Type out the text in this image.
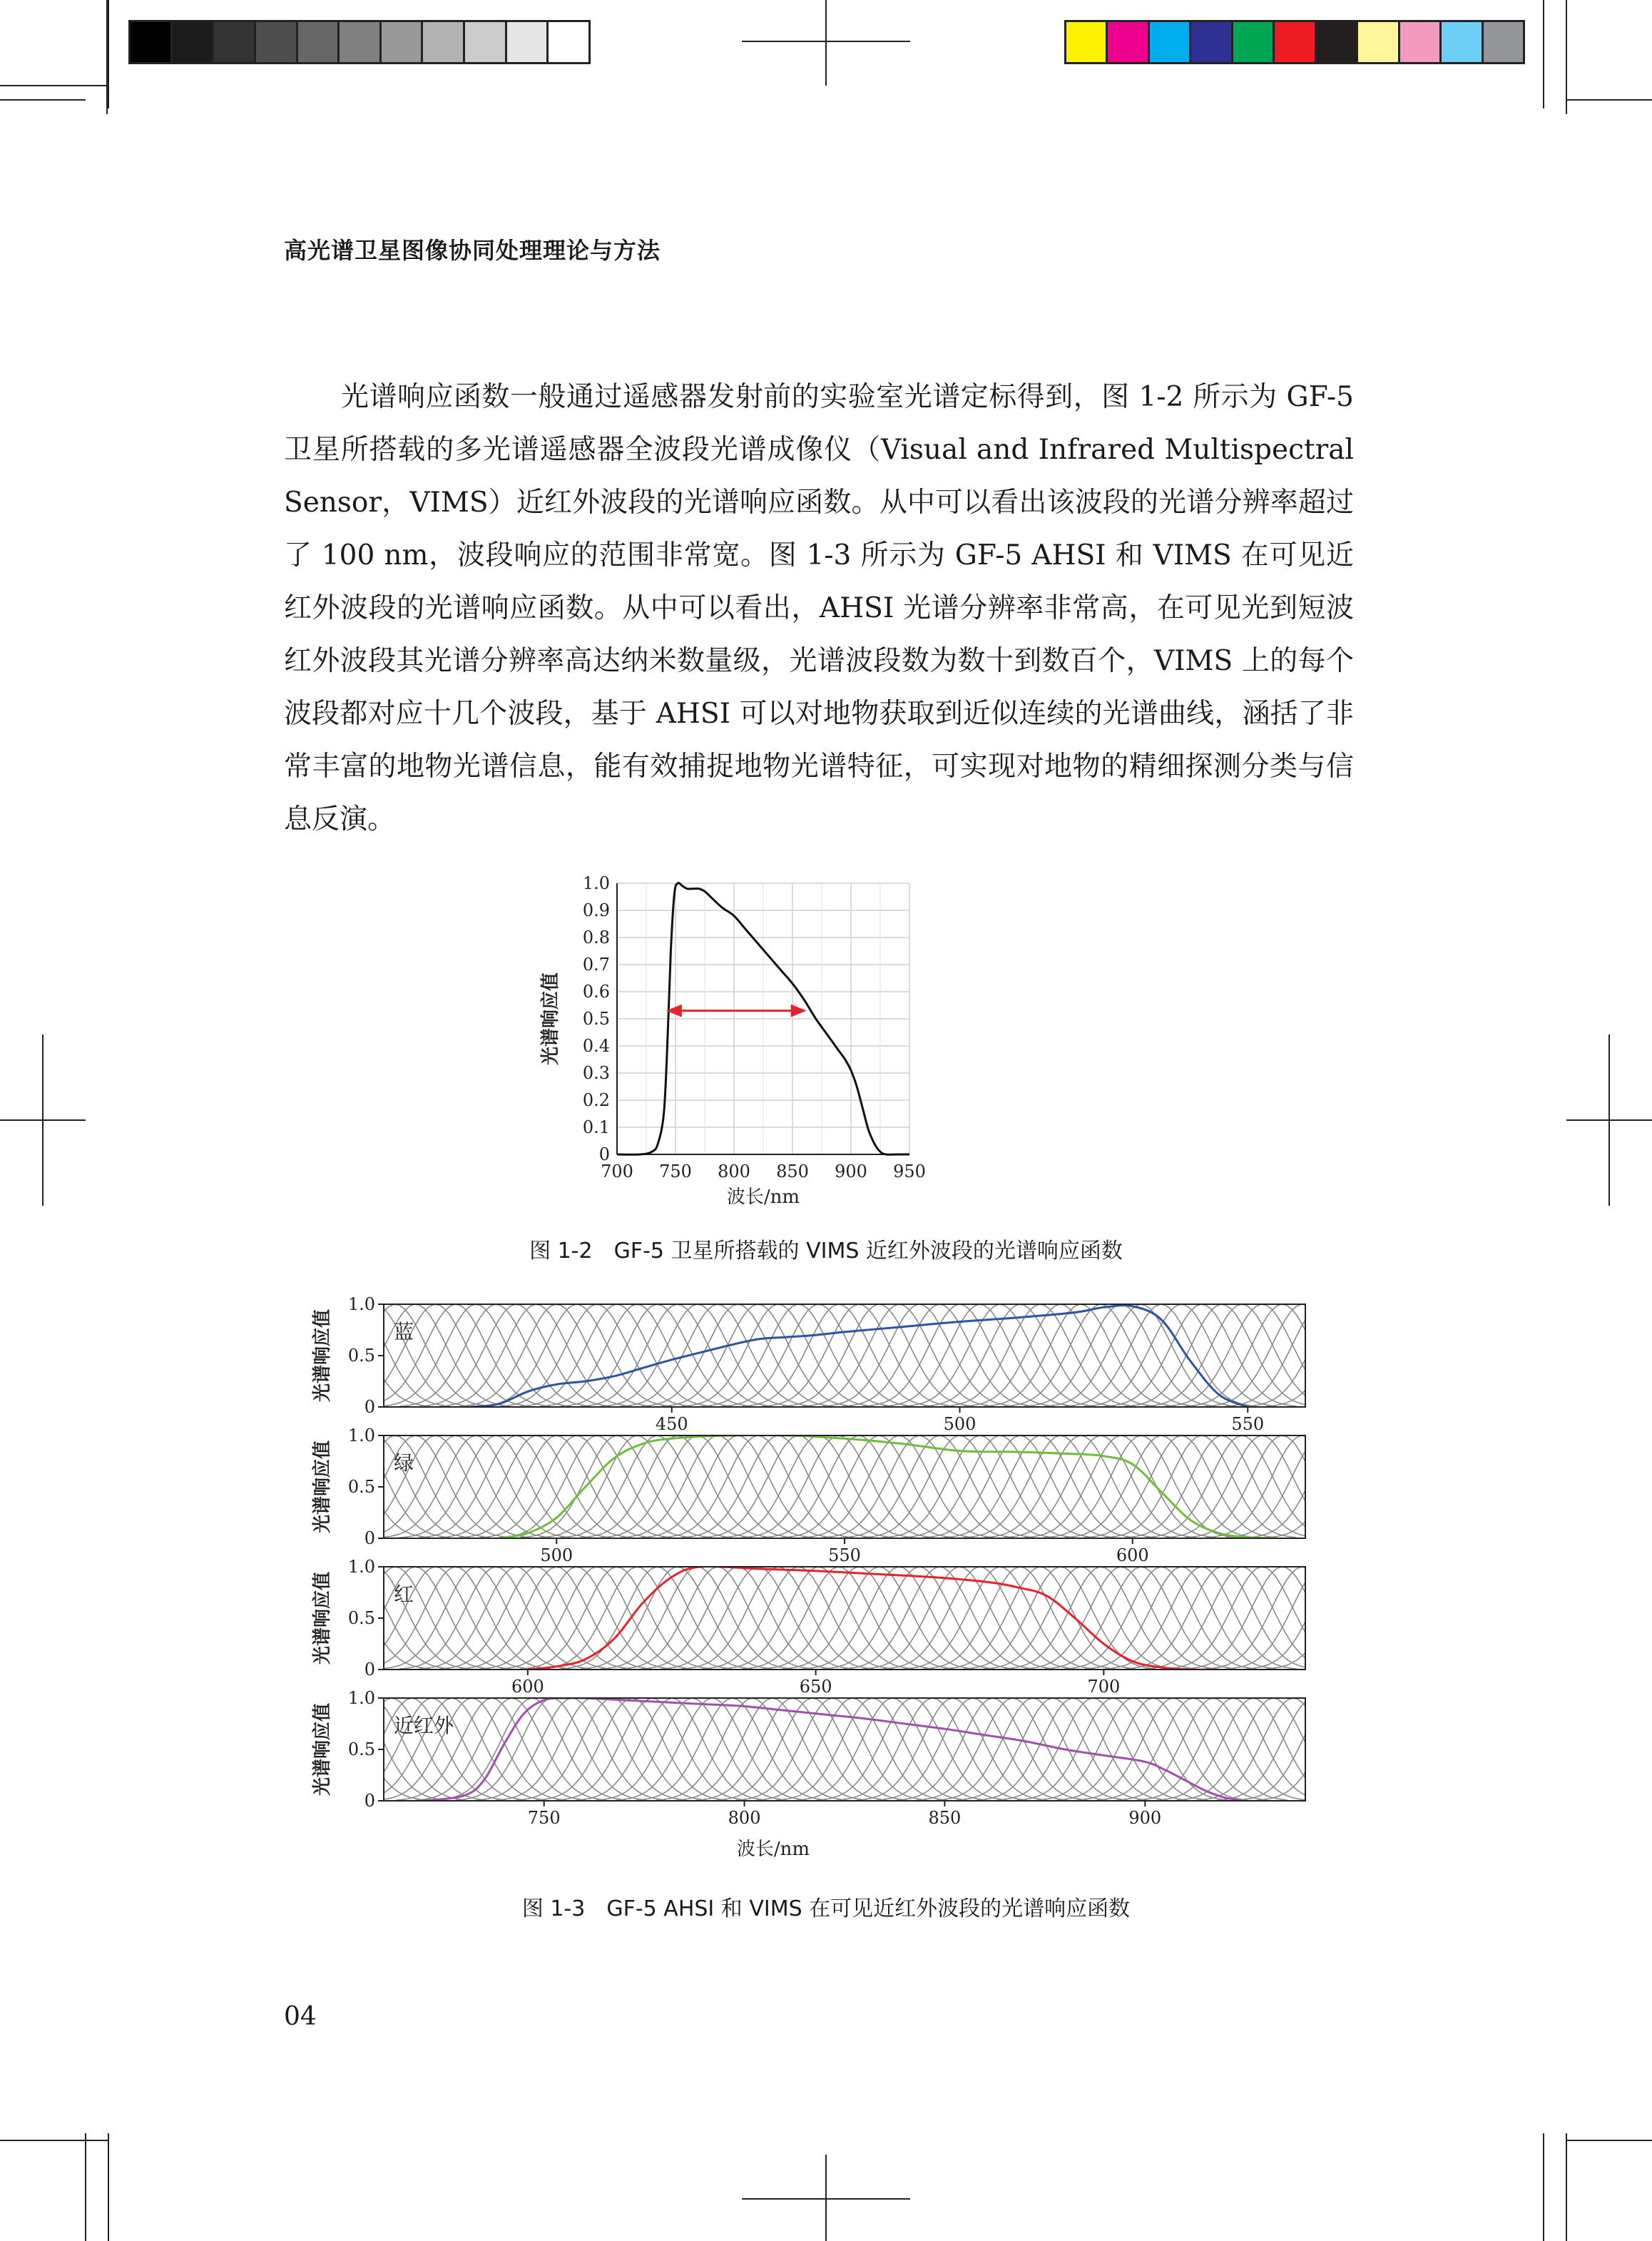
高光谱卫星图像协同处理理论与方法

光谱响应函数一般通过遥感器发射前的实验室光谱定标得到，图 1-2 所示为 GF-5 卫星所搭载的多光谱遥感器全波段光谱成像仪（Visual and Infrared Multispectral Sensor，VIMS）近红外波段的光谱响应函数。从中可以看出该波段的光谱分辨率超过了 100 nm，波段响应的范围非常宽。图 1-3 所示为 GF-5 AHSI 和 VIMS 在可见近红外波段的光谱响应函数。从中可以看出，AHSI 光谱分辨率非常高，在可见光到短波红外波段其光谱分辨率高达纳米数量级，光谱波段数为数十到数百个，VIMS 上的每个波段都对应十几个波段，基于 AHSI 可以对地物获取到近似连续的光谱曲线，涵括了非常丰富的地物光谱信息，能有效捕捉地物光谱特征，可实现对地物的精细探测分类与信息反演。

0
0.1
0.2
0.3
0.4
0.5
0.6
0.7
0.8
0.9
1.0
700 750 800 850 900 950
波长/nm
光谱响应值
图 1-2　GF-5 卫星所搭载的 VIMS 近红外波段的光谱响应函数
蓝
0
0.5
1.0
450	500	550
光谱响应值
绿
0
0.5
1.0
500	550	600
光谱响应值
红
0
0.5
1.0
600	650	700
光谱响应值
近红外
0
0.5
1.0
750	800	850	900
光谱响应值
波长/nm
图 1-3　GF-5 AHSI 和 VIMS 在可见近红外波段的光谱响应函数
04
